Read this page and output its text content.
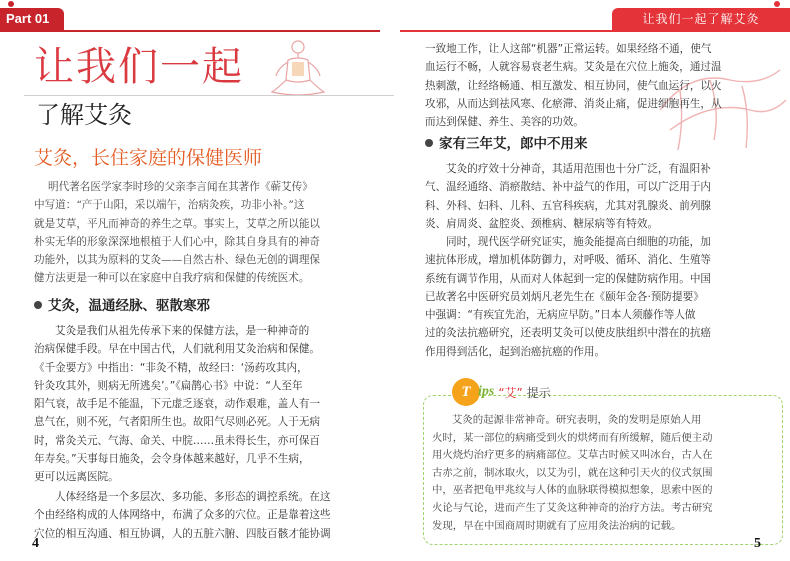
Part 01	让我们一起了解艾灸
让我们一起
了解艾灸
艾灸，长住家庭的保健医师
明代著名医学家李时珍的父亲李言闻在其著作《蕲艾传》
中写道：“产于山阳，采以端午，治病灸疾，功非小补。”这
就是艾草，平凡而神奇的养生之草。事实上，艾草之所以能以
朴实无华的形象深深地根植于人们心中，除其自身具有的神奇
功能外，以其为原料的艾灸——自然古朴、绿色无创的调理保
健方法更是一种可以在家庭中自我疗病和保健的传统医术。
艾灸，温通经脉、驱散寒邪
艾灸是我们从祖先传承下来的保健方法，是一种神奇的
治病保健手段。早在中国古代，人们就利用艾灸治病和保健。
《千金要方》中指出：“非灸不精，故经曰：‘汤药攻其内，
针灸攻其外，则病无所逃矣’。”《扁鹊心书》中说：“人至年
阳气衰，故手足不能温，下元虚乏逐衰，动作艰难，盖人有一
息气在，则不死，气者阳所生也。故阳气尽则必死。人于无病
时，常灸关元、气海、命关、中脘……虽未得长生，亦可保百
年寿矣。”天事每日施灸，会令身体越来越好，几乎不生病，
更可以远离医院。
人体经络是一个多层次、多功能、多形态的调控系统。在这
个由经络构成的人体网络中，布满了众多的穴位。正是靠着这些
穴位的相互沟通、相互协调，人的五脏六腑、四肢百骸才能协调
4
一致地工作，让人这部“机器”正常运转。如果经络不通，使气
血运行不畅，人就容易衰老生病。艾灸是在穴位上施灸，通过温
热刺激，让经络畅通、相互激发、相互协同，使气血运行，以火
攻邪，从而达到祛风寒、化瘀滞、消炎止痛，促进细胞再生，从
而达到保健、养生、美容的功效。
家有三年艾，郎中不用来
艾灸的疗效十分神奇，其适用范围也十分广泛，有温阳补
气、温经通络、消瘀散结、补中益气的作用，可以广泛用于内
科、外科、妇科、儿科、五官科疾病，尤其对乳腺炎、前列腺
炎、肩周炎、盆腔炎、颈椎病、糖尿病等有特效。
同时，现代医学研究证实，施灸能提高白细胞的功能，加
速抗体形成，增加机体防御力，对呼吸、循环、消化、生殖等
系统有调节作用，从而对人体起到一定的保健防病作用。中国
已故著名中医研究员刘炳凡老先生在《颐年金各·预防提要》
中强调：“有疾宜先治，无病应早防。”日本人须藤作等人做
过的灸法抗癌研究，还表明艾灸可以使皮肤组织中潜在的抗癌
作用得到活化，起到治癌抗癌的作用。
T ips “艾” 提示
艾灸的起源非常神奇。研究表明，灸的发明是原始人用
火时，某一部位的病痛受到火的烘烤而有所缓解，随后便主动
用火烧灼治疗更多的病痛部位。艾草古时候又叫冰台，古人在
古赤之前，制冰取火，以艾为引，就在这种引天火的仪式氛围
中，巫者把龟甲兆纹与人体的血脉联得模拟想象，思索中医的
火论与气论，进而产生了艾灸这种神奇的治疗方法。考古研究
发现，早在中国商周时期就有了应用灸法治病的记载。
5
